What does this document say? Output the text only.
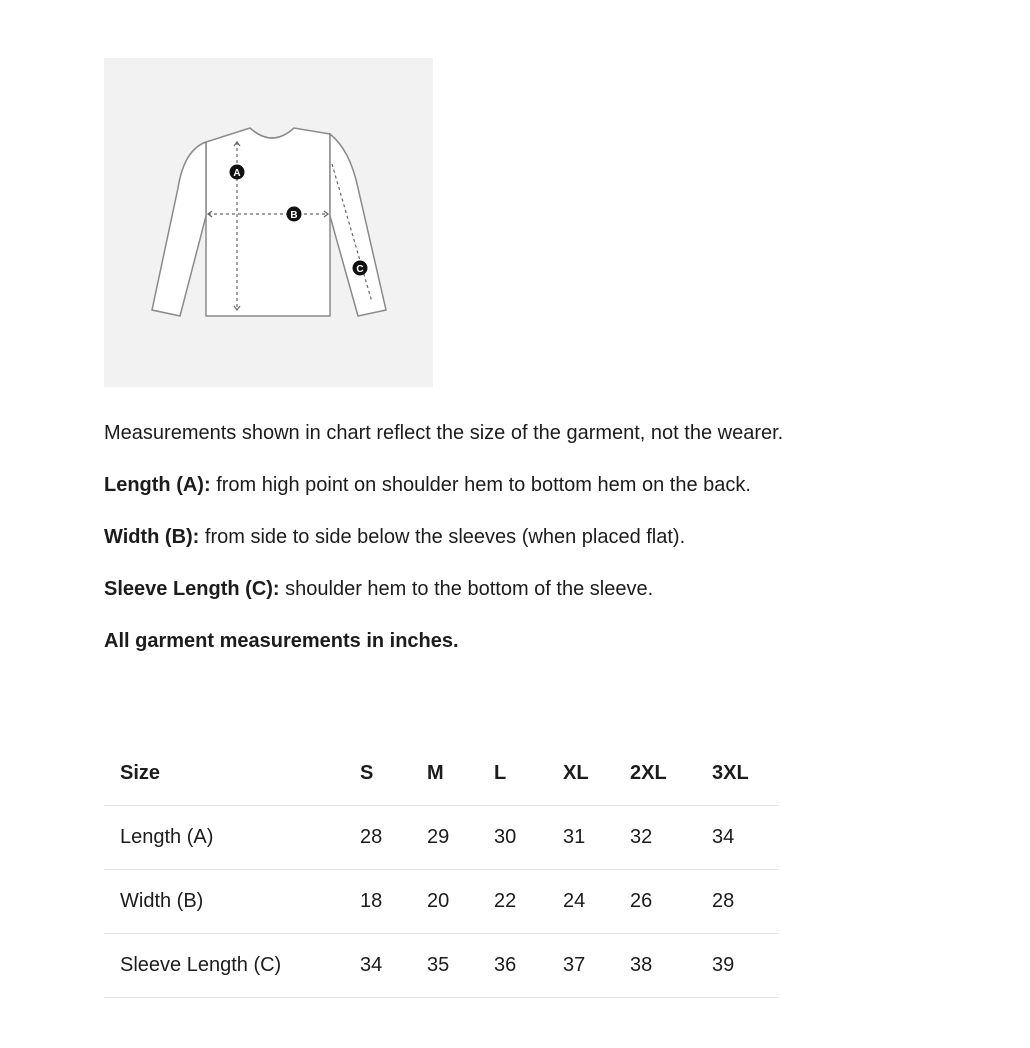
A
B
C

Measurements shown in chart reflect the size of the garment, not the wearer.

Length (A): from high point on shoulder hem to bottom hem on the back.

Width (B): from side to side below the sleeves (when placed flat).

Sleeve Length (C): shoulder hem to the bottom of the sleeve.

All garment measurements in inches.

Size	S	M	L	XL	2XL	3XL
Length (A)	28	29	30	31	32	34
Width (B)	18	20	22	24	26	28
Sleeve Length (C)	34	35	36	37	38	39
